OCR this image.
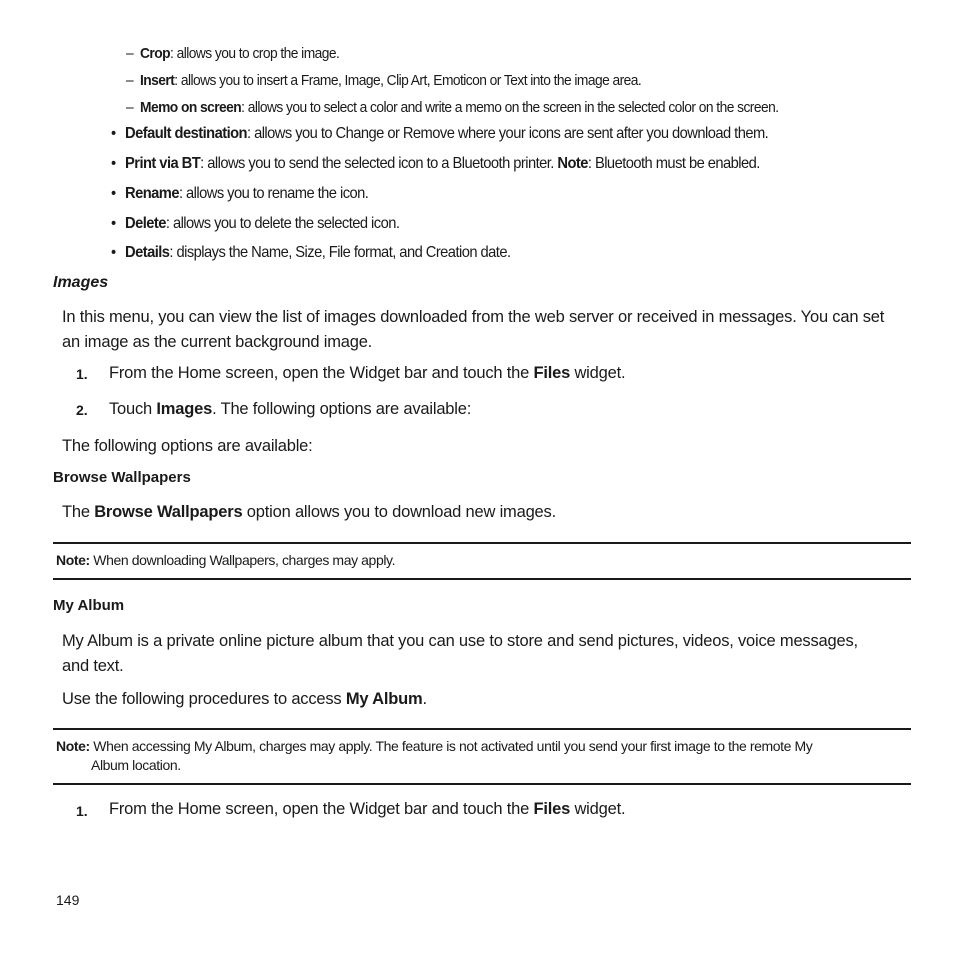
– Crop: allows you to crop the image.
– Insert: allows you to insert a Frame, Image, Clip Art, Emoticon or Text into the image area.
– Memo on screen: allows you to select a color and write a memo on the screen in the selected color on the screen.
• Default destination: allows you to Change or Remove where your icons are sent after you download them.
• Print via BT: allows you to send the selected icon to a Bluetooth printer. Note: Bluetooth must be enabled.
• Rename: allows you to rename the icon.
• Delete: allows you to delete the selected icon.
• Details: displays the Name, Size, File format, and Creation date.
Images
In this menu, you can view the list of images downloaded from the web server or received in messages. You can set
an image as the current background image.
1. From the Home screen, open the Widget bar and touch the Files widget.
2. Touch Images. The following options are available:
The following options are available:
Browse Wallpapers
The Browse Wallpapers option allows you to download new images.
Note: When downloading Wallpapers, charges may apply.
My Album
My Album is a private online picture album that you can use to store and send pictures, videos, voice messages,
and text.
Use the following procedures to access My Album.
Note: When accessing My Album, charges may apply. The feature is not activated until you send your first image to the remote My
Album location.
1. From the Home screen, open the Widget bar and touch the Files widget.
149
